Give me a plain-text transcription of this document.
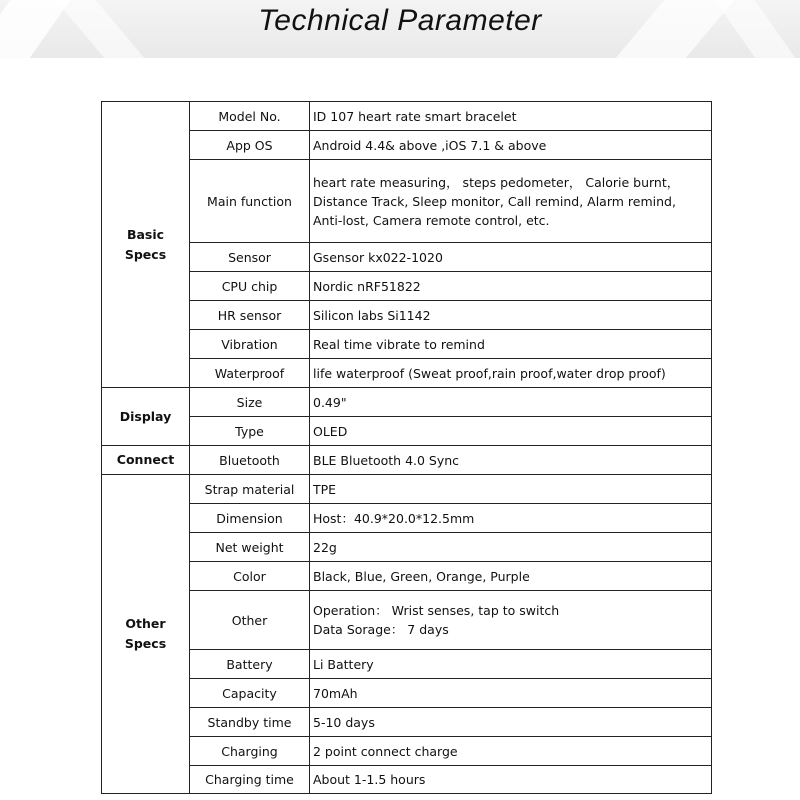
Technical Parameter
Basic
Specs	Model No.	ID 107 heart rate smart bracelet
	App OS	Android 4.4& above ,iOS 7.1 & above
	Main function	heart rate measuring， steps pedometer， Calorie burnt，
Distance Track, Sleep monitor, Call remind, Alarm remind,
Anti-lost, Camera remote control, etc.

	Sensor	Gsensor kx022-1020
	CPU chip	Nordic nRF51822
	HR sensor	Silicon labs Si1142
	Vibration	Real time vibrate to remind
	Waterproof	life waterproof (Sweat proof,rain proof,water drop proof)
Display	Size	0.49"
	Type	OLED
Connect	Bluetooth	BLE Bluetooth 4.0 Sync

Other
Specs	Strap material	TPE
	Dimension	Host：40.9*20.0*12.5mm
	Net weight	22g
	Color	Black, Blue, Green, Orange, Purple
	Other	Operation： Wrist senses, tap to switch
Data Sorage： 7 days

	Battery	Li Battery
	Capacity	70mAh
	Standby time	5-10 days
	Charging	2 point connect charge
	Charging time	About 1-1.5 hours
